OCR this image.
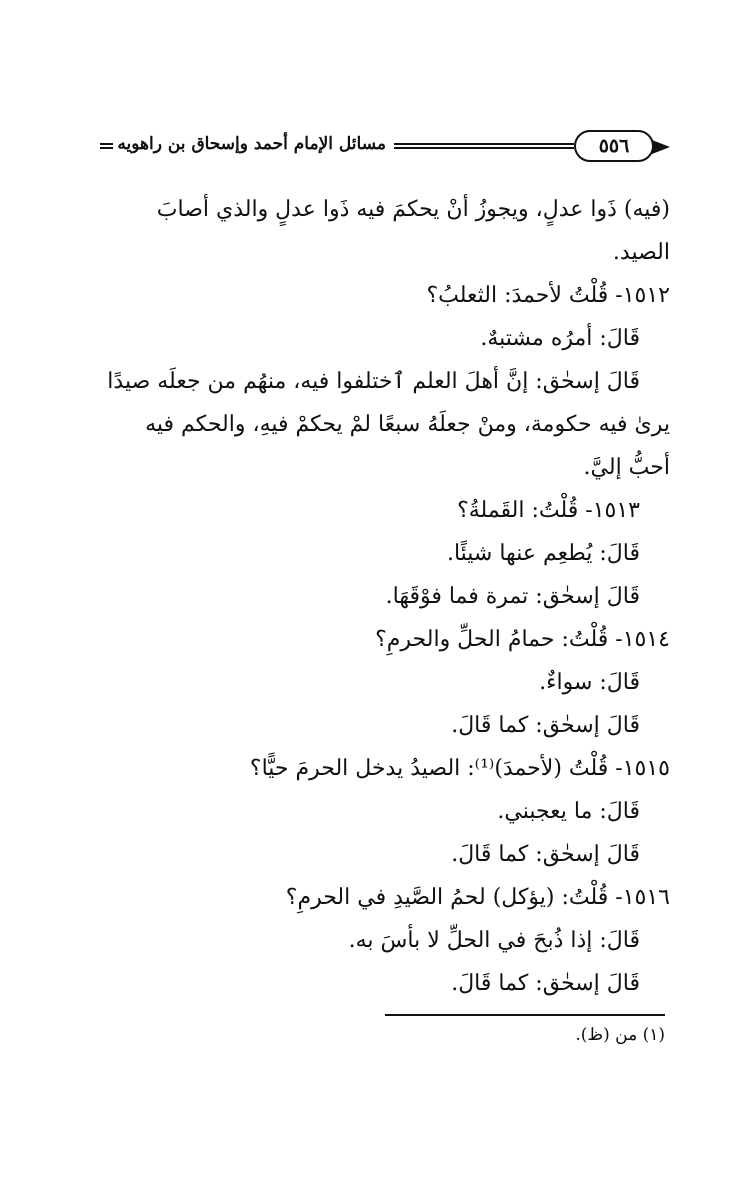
٥٥٦
مسائل الإمام أحمد وإسحاق بن راهويه
(فيه) ذَوا عدلٍ، ويجوزُ أنْ يحكمَ فيه ذَوا عدلٍ والذي أصابَ
الصيد.
١٥١٢- قُلْتُ لأحمدَ: الثعلبُ؟
قَالَ: أمرُه مشتبهٌ.
قَالَ إسحٰق: إنَّ أهلَ العلم ٱختلفوا فيه، منهُم من جعلَه صيدًا
يرىٰ فيه حكومة، ومنْ جعلَهُ سبعًا لمْ يحكمْ فيهِ، والحكم فيه
أحبُّ إليَّ.
١٥١٣- قُلْتُ: القَملةُ؟
قَالَ: يُطعِم عنها شيئًا.
قَالَ إسحٰق: تمرة فما فوْقَهَا.
١٥١٤- قُلْتُ: حمامُ الحلِّ والحرمِ؟
قَالَ: سواءٌ.
قَالَ إسحٰق: كما قَالَ.
١٥١٥- قُلْتُ (لأحمدَ)⁽¹⁾: الصيدُ يدخل الحرمَ حيًّا؟
قَالَ: ما يعجبني.
قَالَ إسحٰق: كما قَالَ.
١٥١٦- قُلْتُ: (يؤكل) لحمُ الصَّيدِ في الحرمِ؟
قَالَ: إذا ذُبحَ في الحلِّ لا بأسَ به.
قَالَ إسحٰق: كما قَالَ.
(١) من (ظ).
